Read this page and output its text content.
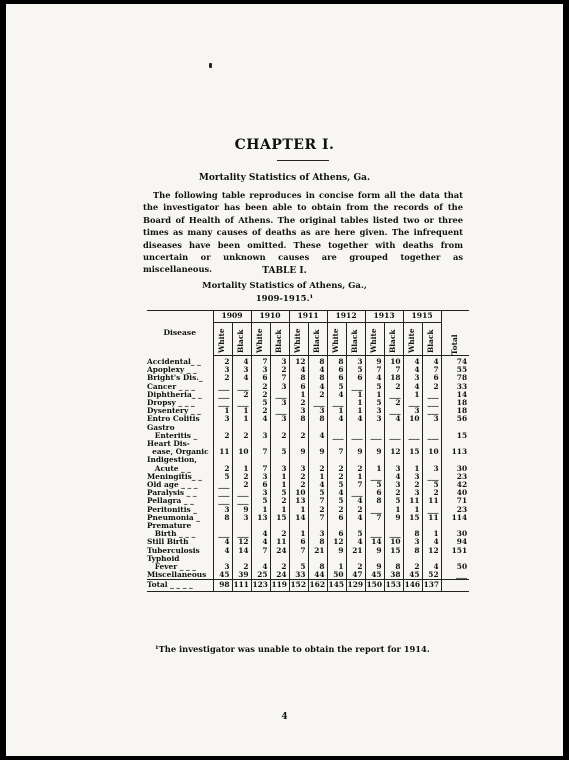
CHAPTER I.
Mortality Statistics of Athens, Ga.

The following table reproduces in concise form all the data that the investigator has been able to obtain from the records of the Board of Health of Athens. The original tables listed two or three times as many causes of deaths as are here given. The infrequent diseases have been omitted. These together with deaths from uncertain or unknown causes are grouped together as miscellaneous.	TABLE I.
Mortality Statistics of Athens, Ga.,
1909-1915.¹
Disease	1909		1910		1911		1912		1913		1915		Total

	White	Black	White	Black	White	Black	White	Black	White	Black	White	Black	

Accidental_ _	2	4	7	3	12	8	8	3	9	10	4	4	74
Apoplexy _ _	3	3	3	2	4	4	6	5	7	7	4	7	55
Bright's Dis._	2	4	6	7	8	8	6	6	4	18	3	6	78
Cancer _ _ _	___	___	2	3	6	4	5	___	5	2	4	2	33
Diphtheria_ _	___	2	2	___	1	2	4	1	1	___	1	___	14
Dropsy _ _ _	___	___	5	3	2	___	___	1	5	2	___	___	18
Dysentery _ _	1	1	2	___	3	3	1	1	3	___	3	___	18
Entro Colitis	3	1	4	3	8	8	4	4	3	4	10	3	56
Gastro													
Enteritis _	2	2	3	2	2	4	___	___	___	___	___	___	15
Heart Dis-													
ease, Organic	11	10	7	5	9	9	7	9	9	12	15	10	113
Indigestion,													
Acute _ _	2	1	7	3	3	2	2	2	1	3	1	3	30
Meningitis_ _	5	2	3	1	2	1	2	1	___	4	3	___	23
Old age _ _ _	___	2	6	1	2	4	5	7	5	3	2	5	42
Paralysis _ _	___	___	3	5	10	5	4	___	6	2	3	2	40
Pellagra _ _	___	___	5	2	13	7	5	4	8	5	11	11	71
Peritonitis _	3	9	1	1	1	2	2	2	___	1	1	___	23
Pneumonia _	8	3	13	15	14	7	6	4	7	9	15	11	114
Premature													
Birth _ _ _	___	___	4	2	1	3	6	5	___	___	8	1	30
Still Birth	4	12	4	11	6	8	12	4	14	10	3	4	94
Tuberculosis	4	14	7	24	7	21	9	21	9	15	8	12	151
Typhoid													
Fever _ _ _	3	2	4	2	5	8	1	2	9	8	2	4	50
Miscellaneous	45	39	25	24	33	44	50	47	45	38	45	52	___
Total _ _ _ _	98	111	123	119	152	162	145	129	150	153	146	137	
¹The investigator was unable to obtain the report for 1914.
4
